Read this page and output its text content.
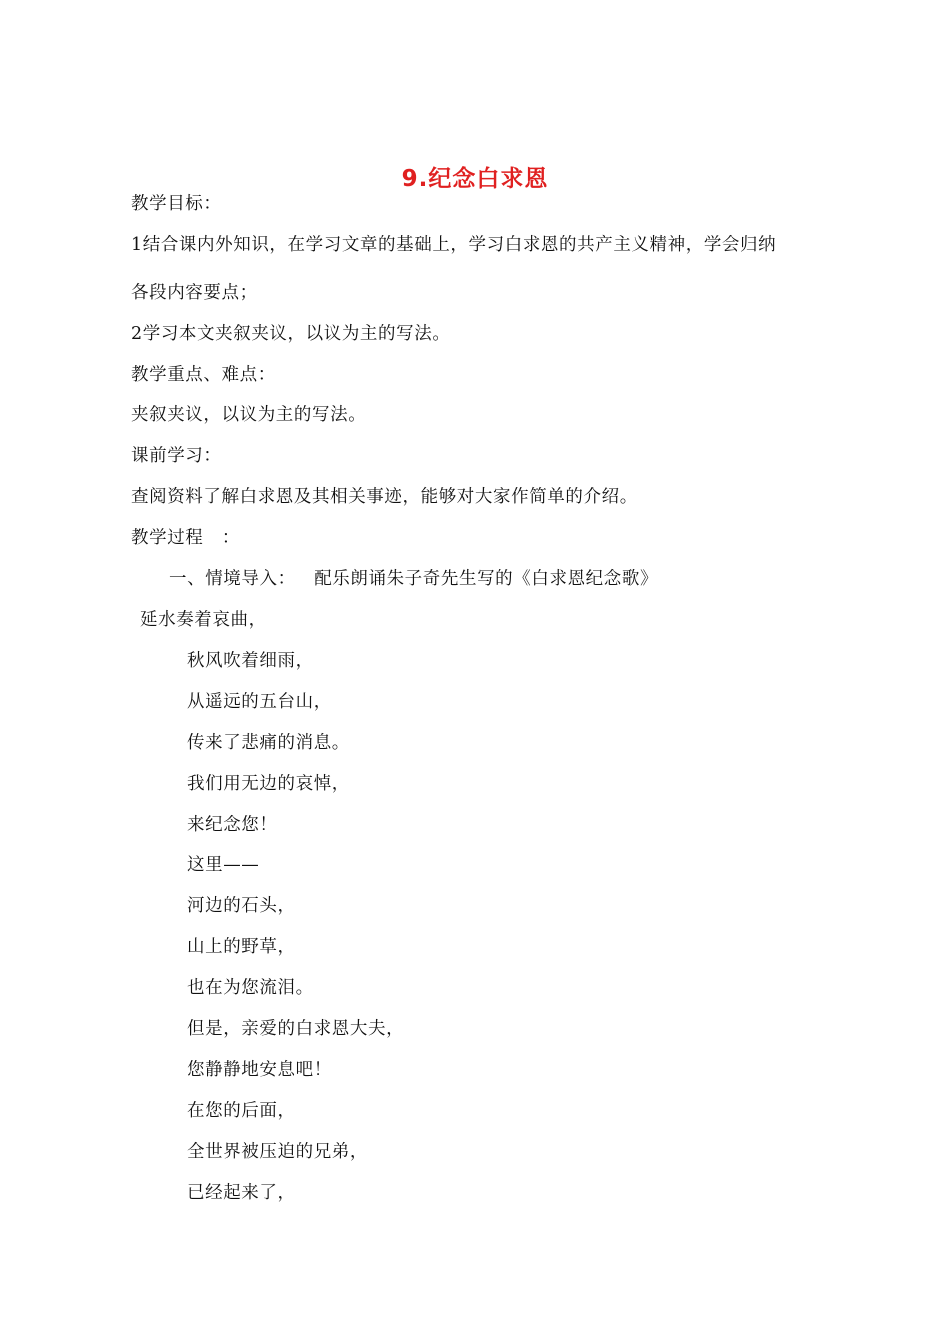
9.纪念白求恩
教学目标：
1结合课内外知识，在学习文章的基础上，学习白求恩的共产主义精神，学会归纳
各段内容要点；
2学习本文夹叙夹议，以议为主的写法。
教学重点、难点：
夹叙夹议，以议为主的写法。
课前学习：
查阅资料了解白求恩及其相关事迹，能够对大家作简单的介绍。
教学过程   ：
一、情境导入：   配乐朗诵朱子奇先生写的《白求恩纪念歌》
延水奏着哀曲，
秋风吹着细雨，
从遥远的五台山，
传来了悲痛的消息。
我们用无边的哀悼，
来纪念您！
这里——
河边的石头，
山上的野草，
也在为您流泪。
但是，亲爱的白求恩大夫，
您静静地安息吧！
在您的后面，
全世界被压迫的兄弟，
已经起来了，
